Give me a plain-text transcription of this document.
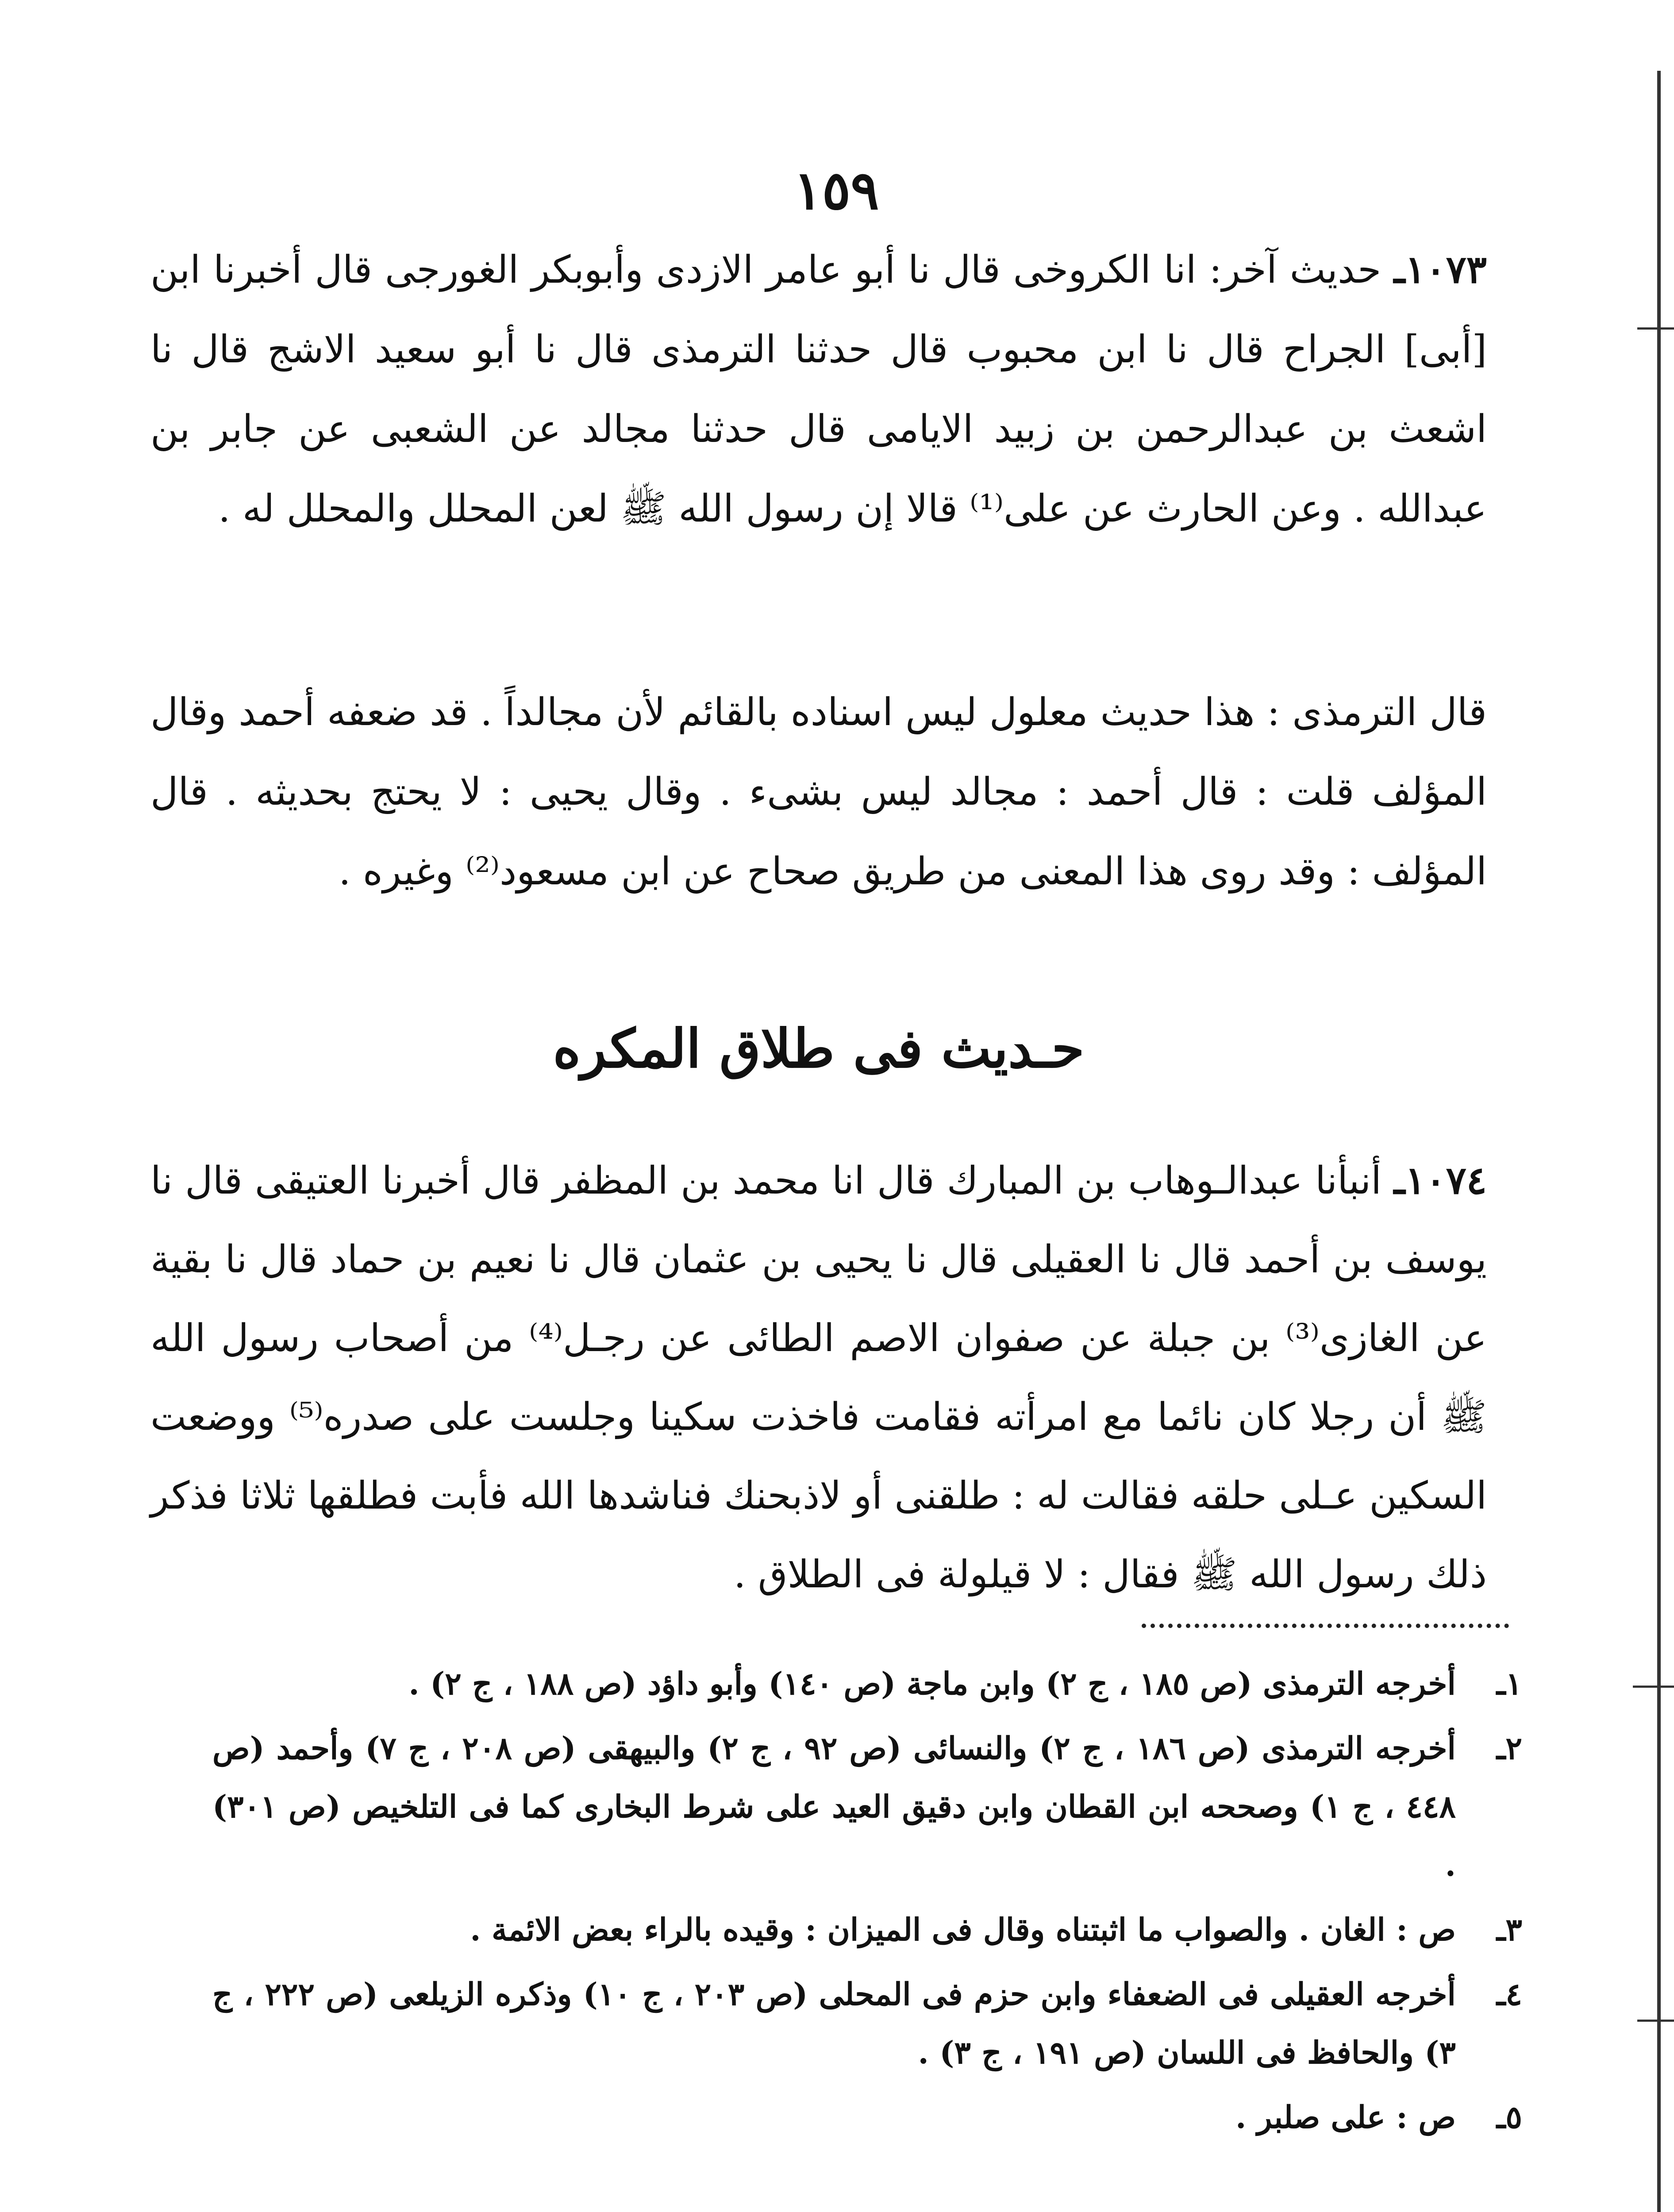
١٥٩
١٠٧٣ـ حديث آخر: انا الكروخى قال نا أبو عامر الازدى وأبوبكر الغورجى قال أخبرنا ابن [أبى] الجراح قال نا ابن محبوب قال حدثنا الترمذى قال نا أبو سعيد الاشج قال نا اشعث بن عبدالرحمن بن زبيد الايامى قال حدثنا مجالد عن الشعبى عن جابر بن عبدالله . وعن الحارث عن على⁽¹⁾ قالا إن رسول الله ﷺ لعن المحلل والمحلل له .
قال الترمذى : هذا حديث معلول ليس اسناده بالقائم لأن مجالداً . قد ضعفه أحمد وقال المؤلف قلت : قال أحمد : مجالد ليس بشىء . وقال يحيى : لا يحتج بحديثه . قال المؤلف : وقد روى هذا المعنى من طريق صحاح عن ابن مسعود⁽²⁾ وغيره .
حـديث فى طلاق المكره
١٠٧٤ـ أنبأنا عبدالـوهاب بن المبارك قال انا محمد بن المظفر قال أخبرنا العتيقى قال نا يوسف بن أحمد قال نا العقيلى قال نا يحيى بن عثمان قال نا نعيم بن حماد قال نا بقية عن الغازى⁽³⁾ بن جبلة عن صفوان الاصم الطائى عن رجـل⁽⁴⁾ من أصحاب رسول الله ﷺ أن رجلا كان نائما مع امرأته فقامت فاخذت سكينا وجلست على صدره⁽⁵⁾ ووضعت السكين عـلى حلقه فقالت له : طلقنى أو لاذبحنك فناشدها الله فأبت فطلقها ثلاثا فذكر ذلك رسول الله ﷺ فقال : لا قيلولة فى الطلاق .
١ـ
أخرجه الترمذى (ص ١٨٥ ، ج ٢) وابن ماجة (ص ١٤٠) وأبو داؤد (ص ١٨٨ ، ج ٢) .
٢ـ
أخرجه الترمذى (ص ١٨٦ ، ج ٢) والنسائى (ص ٩٢ ، ج ٢) والبيهقى (ص ٢٠٨ ، ج ٧) وأحمد (ص ٤٤٨ ، ج ١) وصححه ابن القطان وابن دقيق العيد على شرط البخارى كما فى التلخيص (ص ٣٠١) .
٣ـ
ص : الغان . والصواب ما اثبتناه وقال فى الميزان : وقيده بالراء بعض الائمة .
٤ـ
أخرجه العقيلى فى الضعفاء وابن حزم فى المحلى (ص ٢٠٣ ، ج ١٠) وذكره الزيلعى (ص ٢٢٢ ، ج ٣) والحافظ فى اللسان (ص ١٩١ ، ج ٣) .
٥ـ
ص : على صلبر .
